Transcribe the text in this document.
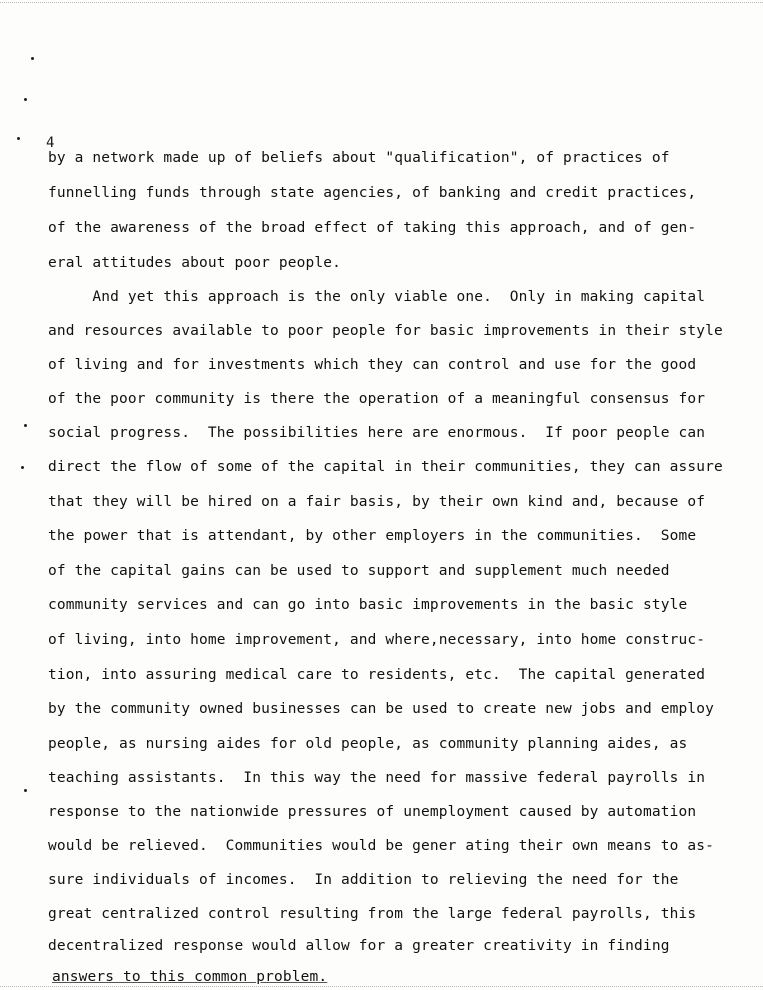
4
by a network made up of beliefs about "qualification", of practices of
funnelling funds through state agencies, of banking and credit practices,
of the awareness of the broad effect of taking this approach, and of gen-
eral attitudes about poor people.
And yet this approach is the only viable one.  Only in making capital
and resources available to poor people for basic improvements in their style
of living and for investments which they can control and use for the good
of the poor community is there the operation of a meaningful consensus for
social progress.  The possibilities here are enormous.  If poor people can
direct the flow of some of the capital in their communities, they can assure
that they will be hired on a fair basis, by their own kind and, because of
the power that is attendant, by other employers in the communities.  Some
of the capital gains can be used to support and supplement much needed
community services and can go into basic improvements in the basic style
of living, into home improvement, and where,necessary, into home construc-
tion, into assuring medical care to residents, etc.  The capital generated
by the community owned businesses can be used to create new jobs and employ
people, as nursing aides for old people, as community planning aides, as
teaching assistants.  In this way the need for massive federal payrolls in
response to the nationwide pressures of unemployment caused by automation
would be relieved.  Communities would be gener ating their own means to as-
sure individuals of incomes.  In addition to relieving the need for the
great centralized control resulting from the large federal payrolls, this
decentralized response would allow for a greater creativity in finding
answers to this common problem.
